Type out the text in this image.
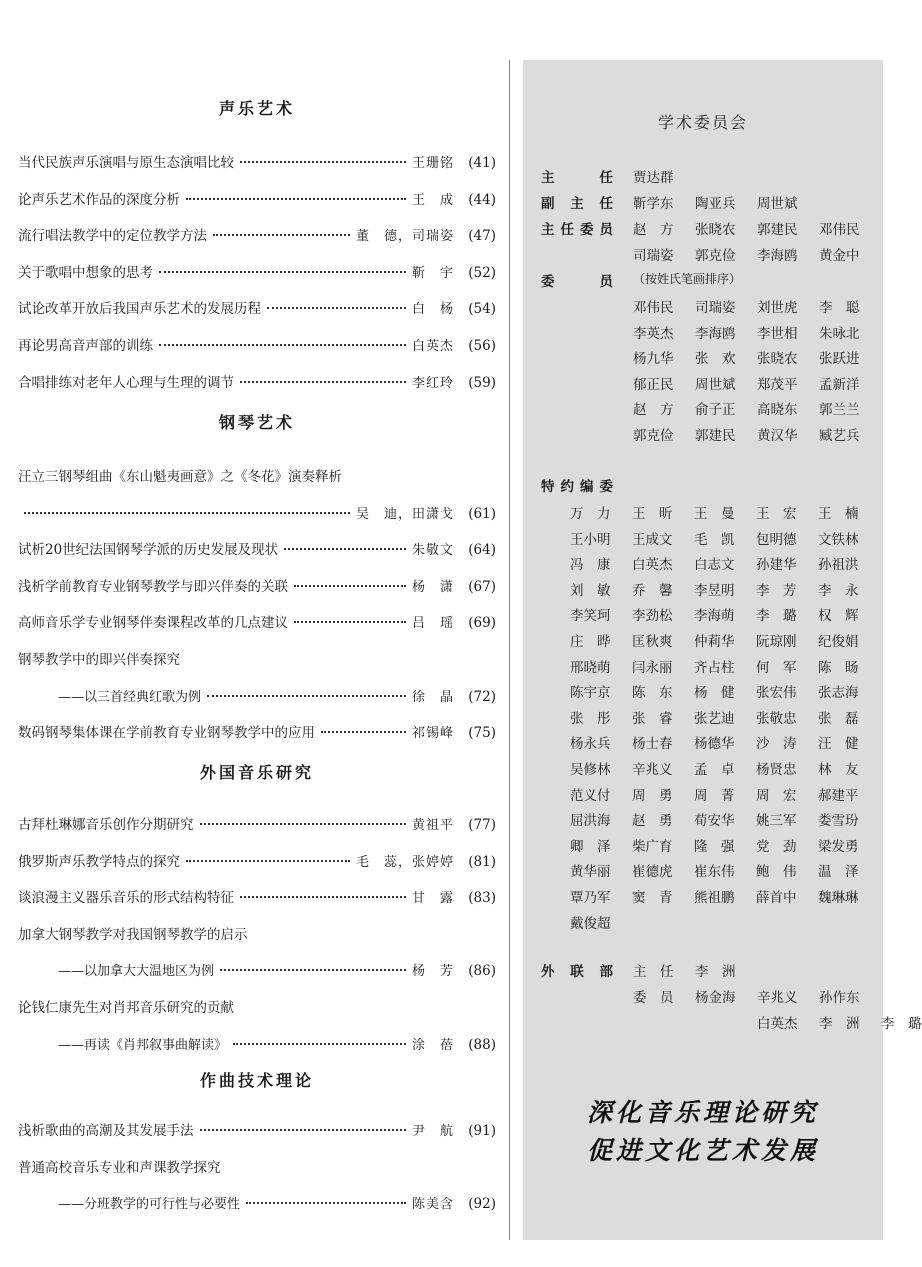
声乐艺术
当代民族声乐演唱与原生态演唱比较	王珊铭	(41)
论声乐艺术作品的深度分析	王　成	(44)
流行唱法教学中的定位教学方法	董　德，司瑞姿	(47)
关于歌唱中想象的思考	靳　宇	(52)
试论改革开放后我国声乐艺术的发展历程	白　杨	(54)
再论男高音声部的训练	白英杰	(56)
合唱排练对老年人心理与生理的调节	李红玲	(59)
钢琴艺术
汪立三钢琴组曲《东山魁夷画意》之《冬花》演奏释析
吴　迪，田潇戈	(61)
试析20世纪法国钢琴学派的历史发展及现状	朱敬文	(64)
浅析学前教育专业钢琴教学与即兴伴奏的关联	杨　潇	(67)
高师音乐学专业钢琴伴奏课程改革的几点建议	吕　瑶	(69)
钢琴教学中的即兴伴奏探究
——以三首经典红歌为例	徐　晶	(72)
数码钢琴集体课在学前教育专业钢琴教学中的应用	祁锡峰	(75)
外国音乐研究
古拜杜琳娜音乐创作分期研究	黄祖平	(77)
俄罗斯声乐教学特点的探究	毛　蕊，张婷婷	(81)
谈浪漫主义器乐音乐的形式结构特征	甘　露	(83)
加拿大钢琴教学对我国钢琴教学的启示
——以加拿大大温地区为例	杨　芳	(86)
论钱仁康先生对肖邦音乐研究的贡献
——再读《肖邦叙事曲解读》	涂　蓓	(88)
作曲技术理论
浅析歌曲的高潮及其发展手法	尹　航	(91)
普通高校音乐专业和声课教学探究
——分班教学的可行性与必要性	陈美含	(92)
学术委员会
主　　任 贾达群
副 主 任 靳学东 陶亚兵 周世斌
主任委员 赵　方 张晓农 郭建民 邓伟民
司瑞姿 郭克俭 李海鸥 黄金中
委　　员 （按姓氏笔画排序）
邓伟民 司瑞姿 刘世虎 李　聪
李英杰 李海鸥 李世相 朱咏北
杨九华 张　欢 张晓农 张跃进
郁正民 周世斌 郑茂平 孟新洋
赵　方 俞子正 高晓东 郭兰兰
郭克俭 郭建民 黄汉华 臧艺兵
特约编委
万　力 王　昕 王　曼 王　宏 王　楠
王小明 王成文 毛　凯 包明德 文铁林
冯　康 白英杰 白志文 孙建华 孙祖洪
刘　敏 乔　馨 李昱明 李　芳 李　永
李笑珂 李劲松 李海萌 李　璐 权　辉
庄　晔 匡秋爽 仲莉华 阮琼刚 纪俊娟
邢晓萌 闫永丽 齐占柱 何　军 陈　旸
陈宇京 陈　东 杨　健 张宏伟 张志海
张　彤 张　睿 张艺迪 张敬忠 张　磊
杨永兵 杨士春 杨德华 沙　涛 汪　健
吴修林 辛兆义 孟　卓 杨贤忠 林　友
范义付 周　勇 周　菁 周　宏 郝建平
屈洪海 赵　勇 荀安华 姚三军 娄雪玢
卿　泽 柴广育 隆　强 党　劲 梁发勇
黄华丽 崔德虎 崔东伟 鲍　伟 温　泽
覃乃军 窦　青 熊祖鹏 薛首中 魏琳琳
戴俊超
外 联 部 主　任 李　洲
委　员 杨金海 辛兆义 孙作东
白英杰 李　洲 李　璐
深化音乐理论研究
促进文化艺术发展
